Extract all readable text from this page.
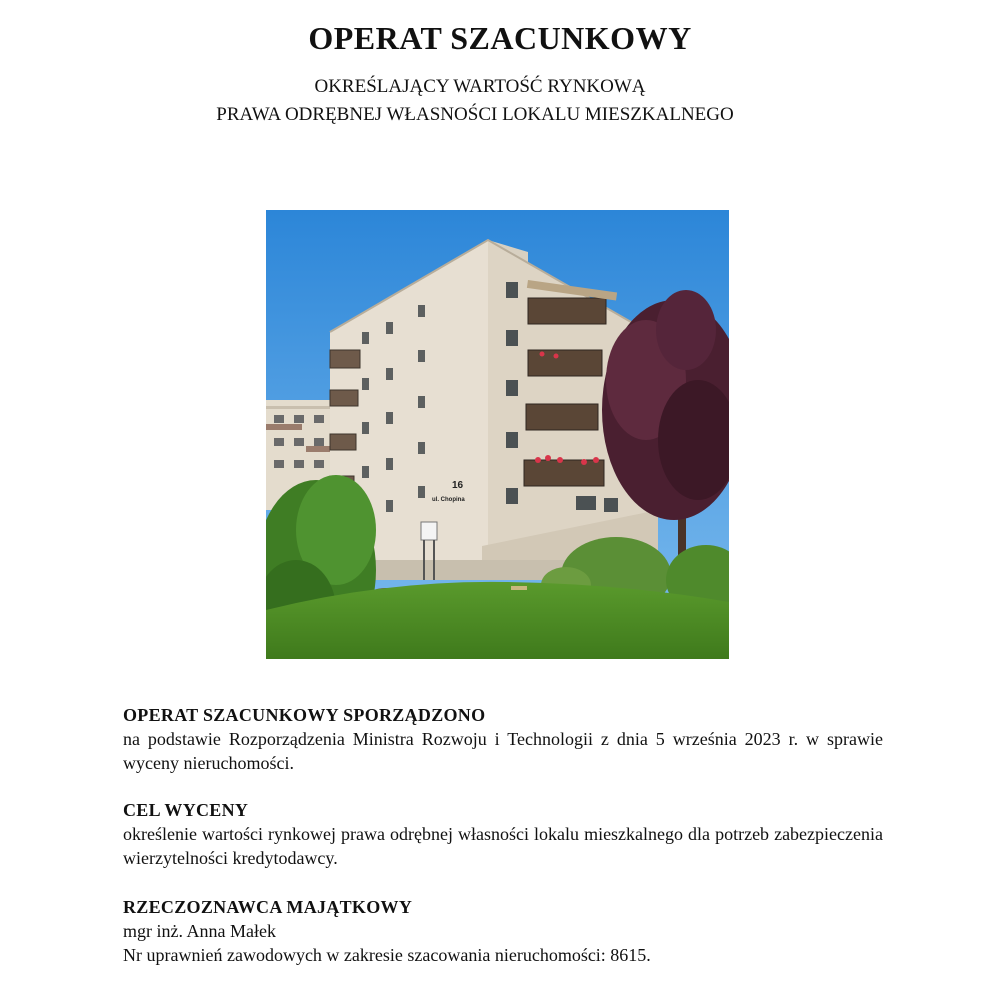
OPERAT SZACUNKOWY
OKREŚLAJĄCY WARTOŚĆ RYNKOWĄ
PRAWA ODRĘBNEJ WŁASNOŚCI LOKALU MIESZKALNEGO
16
ul. Chopina
OPERAT SZACUNKOWY SPORZĄDZONO
na podstawie Rozporządzenia Ministra Rozwoju i Technologii z dnia 5 września 2023 r. w sprawie wyceny nieruchomości.
CEL WYCENY
określenie wartości rynkowej prawa odrębnej własności lokalu mieszkalnego dla potrzeb zabezpieczenia wierzytelności kredytodawcy.
RZECZOZNAWCA MAJĄTKOWY
mgr inż. Anna Małek
Nr uprawnień zawodowych w zakresie szacowania nieruchomości: 8615.
